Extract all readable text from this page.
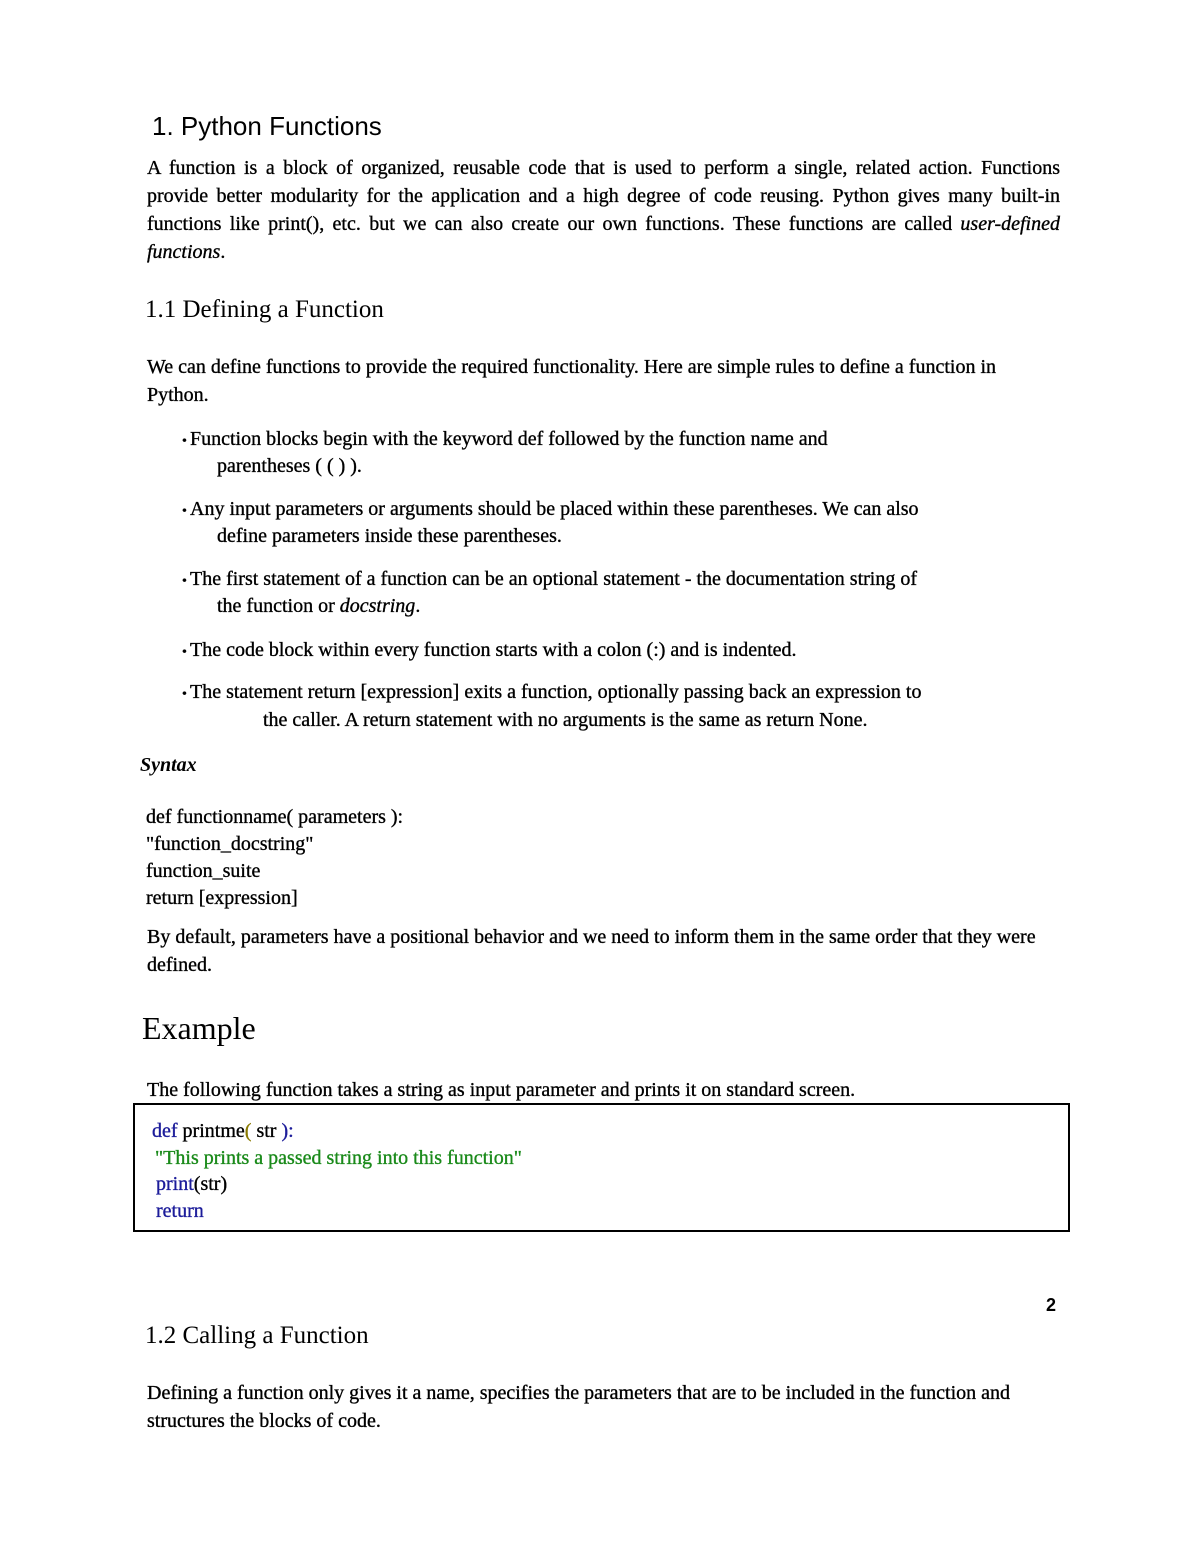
1. Python Functions
A function is a block of organized, reusable code that is used to perform a single, related action. Functions provide better modularity for the application and a high degree of code reusing. Python gives many built-in functions like print(), etc. but we can also create our own functions. These functions are called user-defined functions.
1.1 Defining a Function
We can define functions to provide the required functionality. Here are simple rules to define a function in Python.
• Function blocks begin with the keyword def followed by the function name and
parentheses ( ( ) ).
• Any input parameters or arguments should be placed within these parentheses. We can also
define parameters inside these parentheses.
• The first statement of a function can be an optional statement - the documentation string of
the function or docstring.
• The code block within every function starts with a colon (:) and is indented.
• The statement return [expression] exits a function, optionally passing back an expression to
the caller. A return statement with no arguments is the same as return None.
Syntax
def functionname( parameters ):
"function_docstring"
function_suite
return [expression]
By default, parameters have a positional behavior and we need to inform them in the same order that they were defined.
Example
The following function takes a string as input parameter and prints it on standard screen.
def printme( str ):
"This prints a passed string into this function"
print(str)
return
2
1.2 Calling a Function
Defining a function only gives it a name, specifies the parameters that are to be included in the function and structures the blocks of code.
